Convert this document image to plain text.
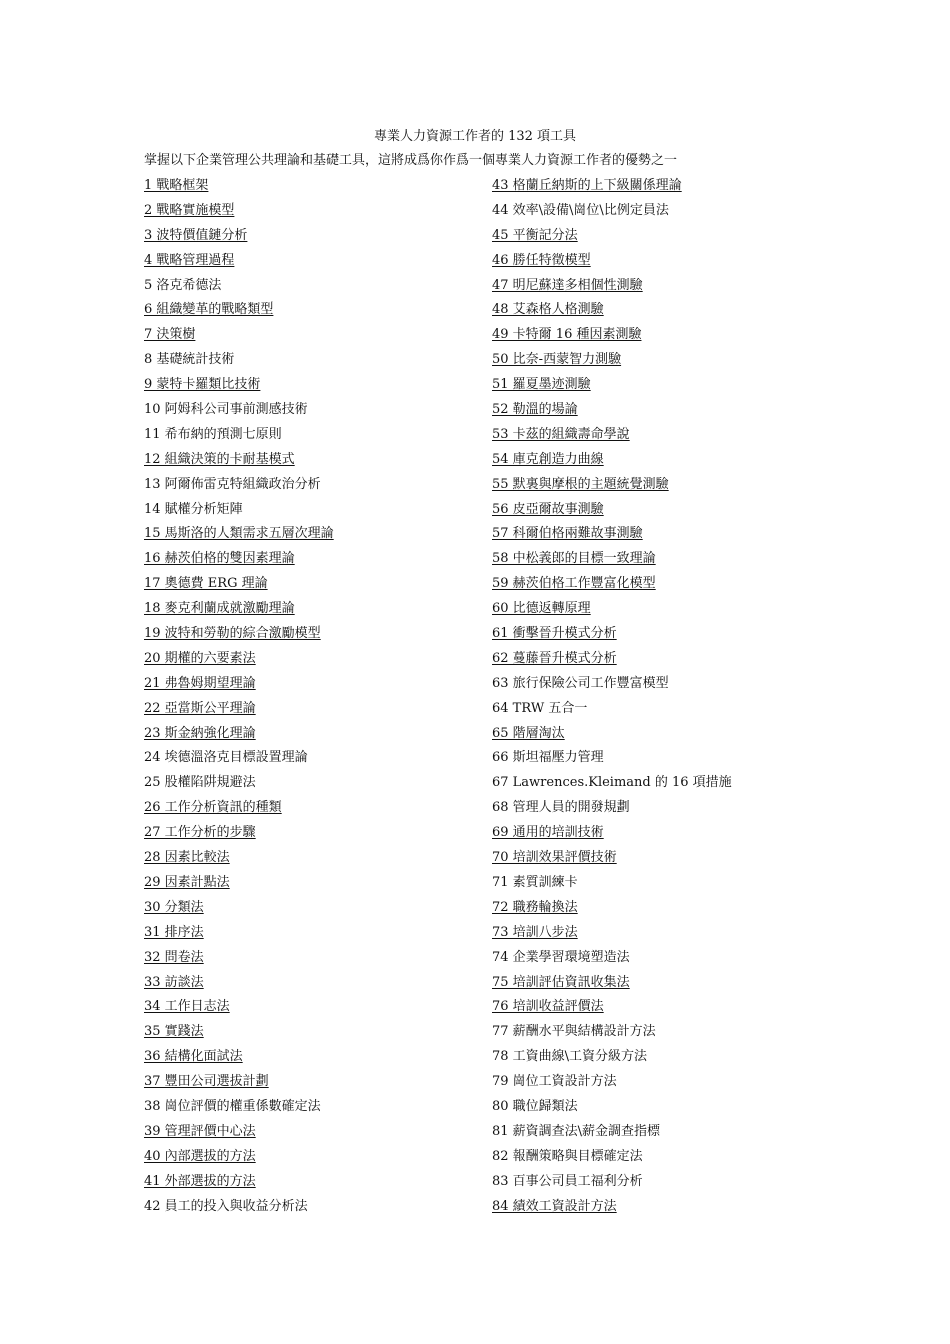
專業人力資源工作者的 132 項工具
掌握以下企業管理公共理論和基礎工具，這將成爲你作爲一個專業人力資源工作者的優勢之一
1 戰略框架
2 戰略實施模型
3 波特價值鏈分析
4 戰略管理過程
5 洛克希德法
6 組織變革的戰略類型
7 決策樹
8 基礎統計技術
9 蒙特卡羅類比技術
10 阿姆科公司事前測感技術
11 希布納的預測七原則
12 組織決策的卡耐基模式
13 阿爾佈雷克特組織政治分析
14 賦權分析矩陣
15 馬斯洛的人類需求五層次理論
16 赫茨伯格的雙因素理論
17 奧德費 ERG 理論
18 麥克利蘭成就激勵理論
19 波特和勞勒的綜合激勵模型
20 期權的六要素法
21 弗魯姆期望理論
22 亞當斯公平理論
23 斯金納強化理論
24 埃德溫洛克目標設置理論
25 股權陷阱規避法
26 工作分析資訊的種類
27 工作分析的步驟
28 因素比較法
29 因素計點法
30 分類法
31 排序法
32 問卷法
33 訪談法
34 工作日志法
35 實踐法
36 結構化面試法
37 豐田公司選拔計劃
38 崗位評價的權重係數確定法
39 管理評價中心法
40 內部選拔的方法
41 外部選拔的方法
42 員工的投入與收益分析法
43 格蘭丘納斯的上下級關係理論
44 效率\設備\崗位\比例定員法
45 平衡記分法
46 勝任特徵模型
47 明尼蘇達多相個性測驗
48 艾森格人格測驗
49 卡特爾 16 種因素測驗
50 比奈-西蒙智力測驗
51 羅夏墨迹測驗
52 勒溫的場論
53 卡茲的組織壽命學說
54 庫克創造力曲線
55 默裏與摩根的主題統覺測驗
56 皮亞爾故事測驗
57 科爾伯格兩難故事測驗
58 中松義郎的目標一致理論
59 赫茨伯格工作豐富化模型
60 比德返轉原理
61 衝擊晉升模式分析
62 蔓藤晉升模式分析
63 旅行保險公司工作豐富模型
64 TRW 五合一
65 階層淘汰
66 斯坦福壓力管理
67 Lawrences.Kleimand 的 16 項措施
68 管理人員的開發規劃
69 通用的培訓技術
70 培訓效果評價技術
71 素質訓練卡
72 職務輪換法
73 培訓八步法
74 企業學習環境塑造法
75 培訓評估資訊收集法
76 培訓收益評價法
77 薪酬水平與結構設計方法
78 工資曲線\工資分級方法
79 崗位工資設計方法
80 職位歸類法
81 薪資調查法\薪金調查指標
82 報酬策略與目標確定法
83 百事公司員工福利分析
84 績效工資設計方法
